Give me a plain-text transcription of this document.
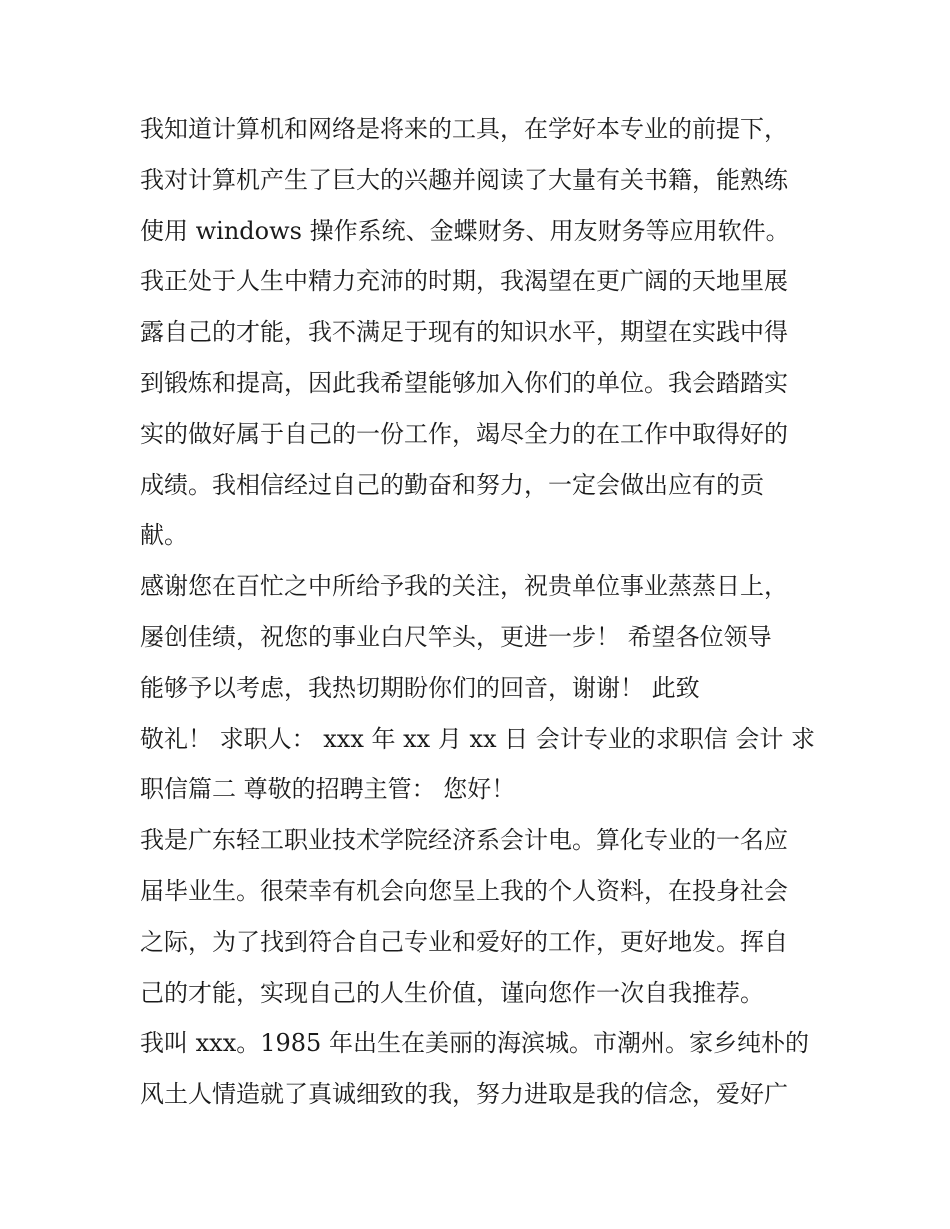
我知道计算机和网络是将来的工具，在学好本专业的前提下，
我对计算机产生了巨大的兴趣并阅读了大量有关书籍，能熟练
使用 windows 操作系统、金蝶财务、用友财务等应用软件。
我正处于人生中精力充沛的时期，我渴望在更广阔的天地里展
露自己的才能，我不满足于现有的知识水平，期望在实践中得
到锻炼和提高，因此我希望能够加入你们的单位。我会踏踏实
实的做好属于自己的一份工作，竭尽全力的在工作中取得好的
成绩。我相信经过自己的勤奋和努力，一定会做出应有的贡
献。
感谢您在百忙之中所给予我的关注，祝贵单位事业蒸蒸日上，
屡创佳绩，祝您的事业白尺竿头，更进一步！ 希望各位领导
能够予以考虑，我热切期盼你们的回音，谢谢！ 此致
敬礼！ 求职人： xxx 年 xx 月 xx 日 会计专业的求职信 会计 求
职信篇二 尊敬的招聘主管： 您好！
我是广东轻工职业技术学院经济系会计电。算化专业的一名应
届毕业生。很荣幸有机会向您呈上我的个人资料，在投身社会
之际，为了找到符合自己专业和爱好的工作，更好地发。挥自
己的才能，实现自己的人生价值，谨向您作一次自我推荐。
我叫 xxx。1985 年出生在美丽的海滨城。市潮州。家乡纯朴的
风土人情造就了真诚细致的我，努力进取是我的信念，爱好广
